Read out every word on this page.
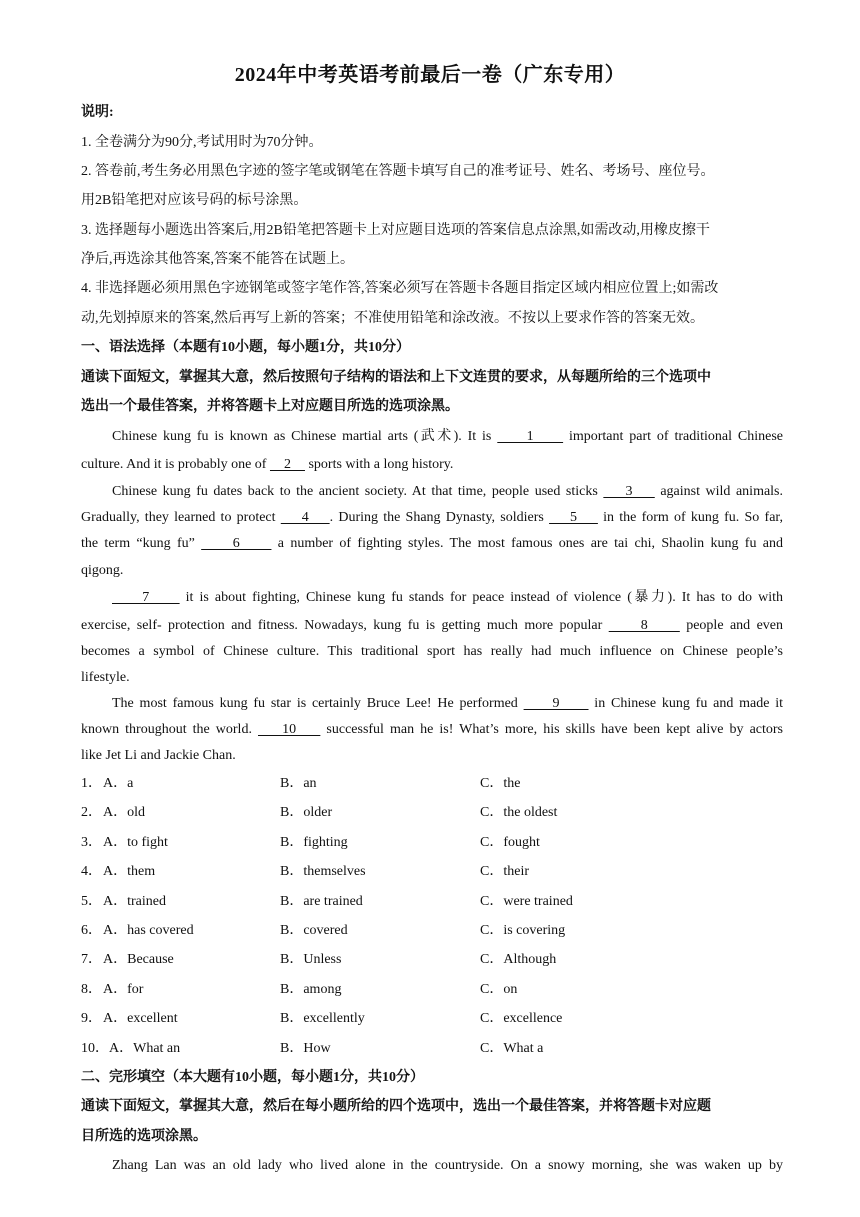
2024年中考英语考前最后一卷（广东专用）
说明:
1. 全卷满分为90分,考试用时为70分钟。
2. 答卷前,考生务必用黑色字迹的签字笔或钢笔在答题卡填写自己的准考证号、姓名、考场号、座位号。
用2B铅笔把对应该号码的标号涂黑。
3. 选择题每小题选出答案后,用2B铅笔把答题卡上对应题目选项的答案信息点涂黑,如需改动,用橡皮擦干
净后,再选涂其他答案,答案不能答在试题上。
4. 非选择题必须用黑色字迹钢笔或签字笔作答,答案必须写在答题卡各题目指定区域内相应位置上;如需改
动,先划掉原来的答案,然后再写上新的答案；不准使用铅笔和涂改液。不按以上要求作答的答案无效。
一、语法选择（本题有10小题，每小题1分，共10分）
通读下面短文，掌握其大意，然后按照句子结构的语法和上下文连贯的要求，从每题所给的三个选项中
选出一个最佳答案，并将答题卡上对应题目所选的选项涂黑。
Chinese kung fu is known as Chinese martial arts (武术). It is      1      important part of traditional Chinese
culture. And it is probably one of     2     sports with a long history.
Chinese kung fu dates back to the ancient society. At that time, people used sticks     3     against wild animals.
Gradually, they learned to protect     4    . During the Shang Dynasty, soldiers     5     in the form of kung fu. So far,
the term “kung fu”      6      a number of fighting styles. The most famous ones are tai chi, Shaolin kung fu and
qigong.
7      it is about fighting, Chinese kung fu stands for peace instead of violence (暴力). It has to do with
exercise, self- protection and fitness. Nowadays, kung fu is getting much more popular      8      people and even
becomes a symbol of Chinese culture. This traditional sport has really had much influence on Chinese people’s
lifestyle.
The most famous kung fu star is certainly Bruce Lee! He performed      9      in Chinese kung fu and made it
known throughout the world.     10     successful man he is! What’s more, his skills have been kept alive by actors
like Jet Li and Jackie Chan.
1． A．a	B．an	C．the
2． A．old	B．older	C．the oldest
3． A．to fight	B．fighting	C．fought
4． A．them	B．themselves	C．their
5． A．trained	B．are trained	C．were trained
6． A．has covered	B．covered	C．is covering
7． A．Because	B．Unless	C．Although
8． A．for	B．among	C．on
9． A．excellent	B．excellently	C．excellence
10． A．What an	B．How	C．What a
二、完形填空（本大题有10小题，每小题1分，共10分）
通读下面短文，掌握其大意，然后在每小题所给的四个选项中，选出一个最佳答案，并将答题卡对应题
目所选的选项涂黑。
Zhang Lan was an old lady who lived alone in the countryside. On a snowy morning, she was waken up by
